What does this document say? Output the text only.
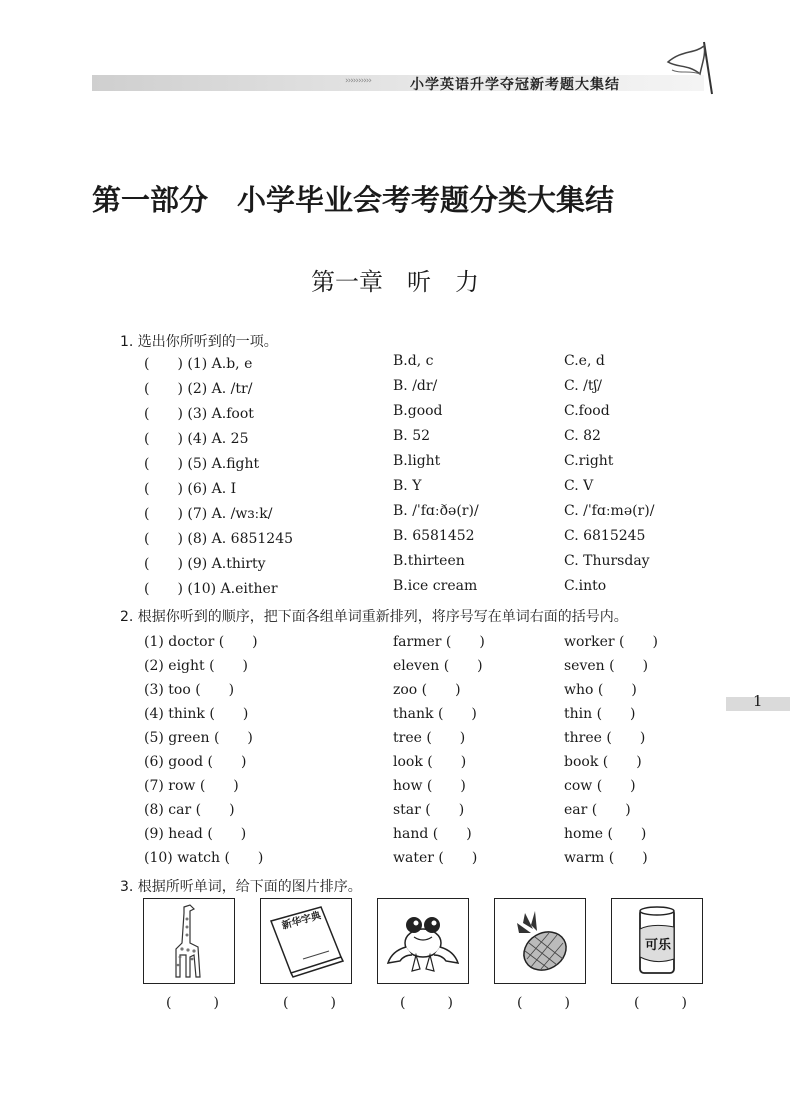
››››››››››	小学英语升学夺冠新考题大集结
第一部分　小学毕业会考考题分类大集结
第一章　听　力
1. 选出你所听到的一项。
(　　) (1) A.b, e	B.d, c	C.e, d
(　　) (2) A. /tr/	B. /dr/	C. /tʃ/
(　　) (3) A.foot	B.good	C.food
(　　) (4) A. 25	B. 52	C. 82
(　　) (5) A.fight	B.light	C.right
(　　) (6) A. I	B. Y	C. V
(　　) (7) A. /wɜːk/	B. /ˈfɑːðə(r)/	C. /ˈfɑːmə(r)/
(　　) (8) A. 6851245	B. 6581452	C. 6815245
(　　) (9) A.thirty	B.thirteen	C. Thursday
(　　) (10) A.either	B.ice cream	C.into
2. 根据你听到的顺序，把下面各组单词重新排列，将序号写在单词右面的括号内。
(1) doctor (　　)	farmer (　　)	worker (　　)
(2) eight (　　)	eleven (　　)	seven (　　)
(3) too (　　)	zoo (　　)	who (　　)
(4) think (　　)	thank (　　)	thin (　　)
(5) green (　　)	tree (　　)	three (　　)
(6) good (　　)	look (　　)	book (　　)
(7) row (　　)	how (　　)	cow (　　)
(8) car (　　)	star (　　)	ear (　　)
(9) head (　　)	hand (　　)	home (　　)
(10) watch (　　)	water (　　)	warm (　　)
1
3. 根据所听单词，给下面的图片排序。
新华字典
可乐
(　　　)	(　　　)	(　　　)	(　　　)	(　　　)
